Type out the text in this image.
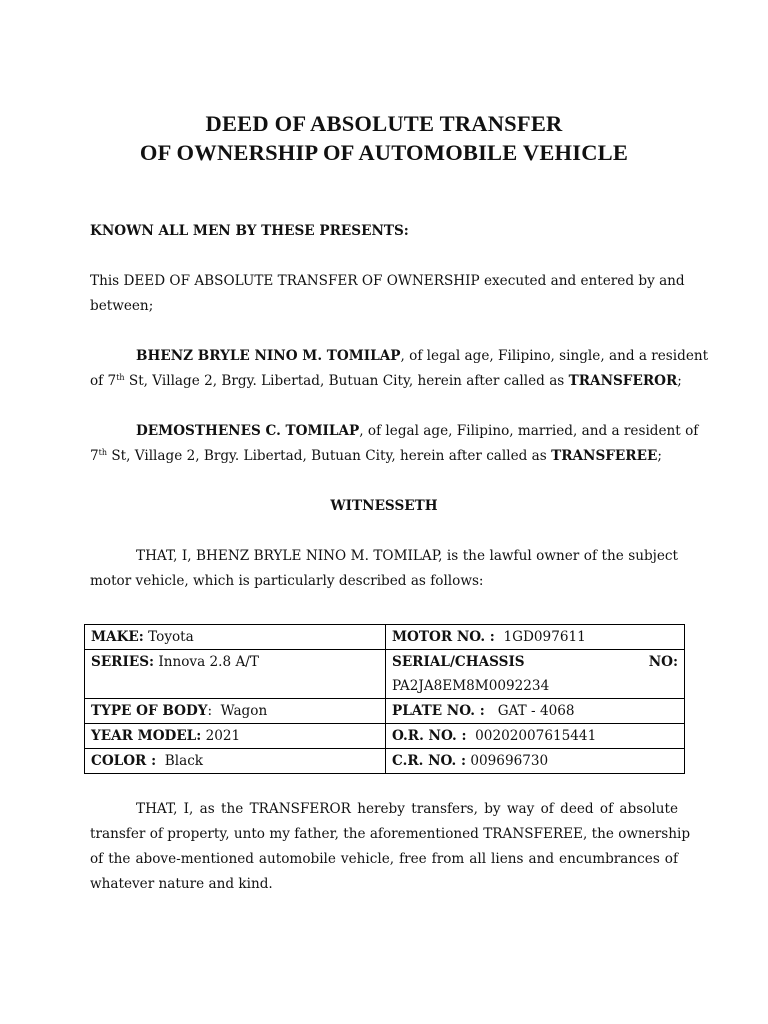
DEED OF ABSOLUTE TRANSFER
OF OWNERSHIP OF AUTOMOBILE VEHICLE
KNOWN ALL MEN BY THESE PRESENTS:
This DEED OF ABSOLUTE TRANSFER OF OWNERSHIP executed and entered by and
between;
BHENZ BRYLE NINO M. TOMILAP, of legal age, Filipino, single, and a resident
of 7th St, Village 2, Brgy. Libertad, Butuan City, herein after called as TRANSFEROR;
DEMOSTHENES C. TOMILAP, of legal age, Filipino, married, and a resident of
7th St, Village 2, Brgy. Libertad, Butuan City, herein after called as TRANSFEREE;
WITNESSETH
THAT, I, BHENZ BRYLE NINO M. TOMILAP, is the lawful owner of the subject
motor vehicle, which is particularly described as follows:
MAKE: Toyota	MOTOR NO. :  1GD097611
SERIES: Innova 2.8 A/T	SERIAL/CHASSIS NO:
PA2JA8EM8M0092234

TYPE OF BODY:  Wagon	PLATE NO. :   GAT - 4068
YEAR MODEL: 2021	O.R. NO. :  00202007615441
COLOR :  Black	C.R. NO. : 009696730
THAT, I, as the TRANSFEROR hereby transfers, by way of deed of absolute
transfer of property, unto my father, the aforementioned TRANSFEREE, the ownership
of the above-mentioned automobile vehicle, free from all liens and encumbrances of
whatever nature and kind.
